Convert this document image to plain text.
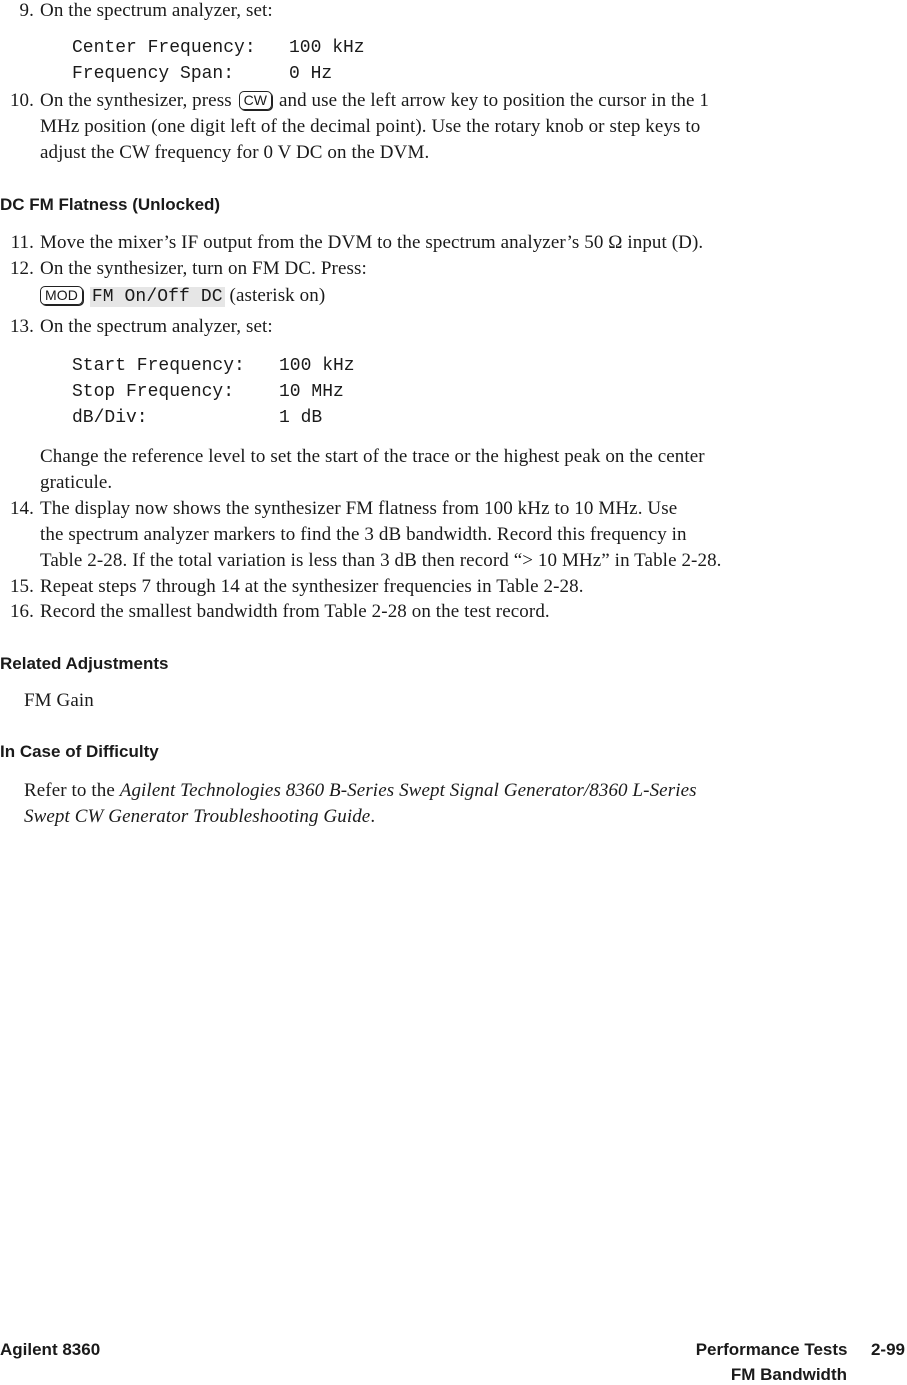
9. On the spectrum analyzer, set:
Center Frequency: 100 kHz
Frequency Span:	0 Hz
10. On the synthesizer, press CW and use the left arrow key to position the cursor in the 1
MHz position (one digit left of the decimal point). Use the rotary knob or step keys to
adjust the CW frequency for 0 V DC on the DVM.
DC FM Flatness (Unlocked)
11. Move the mixer’s IF output from the DVM to the spectrum analyzer’s 50 Ω input (D).
12. On the synthesizer, turn on FM DC. Press:
MOD FM On/Off DC (asterisk on)
13. On the spectrum analyzer, set:
Start Frequency: 100 kHz
Stop Frequency: 10 MHz
dB/Div:	1 dB
Change the reference level to set the start of the trace or the highest peak on the center
graticule.
14. The display now shows the synthesizer FM flatness from 100 kHz to 10 MHz. Use
the spectrum analyzer markers to find the 3 dB bandwidth. Record this frequency in
Table 2-28. If the total variation is less than 3 dB then record “> 10 MHz” in Table 2-28.
15. Repeat steps 7 through 14 at the synthesizer frequencies in Table 2-28.
16. Record the smallest bandwidth from Table 2-28 on the test record.
Related Adjustments
FM Gain
In Case of Difficulty
Refer to the Agilent Technologies 8360 B-Series Swept Signal Generator/8360 L-Series
Swept CW Generator Troubleshooting Guide.
Agilent 8360	Performance Tests 2-99
FM Bandwidth
